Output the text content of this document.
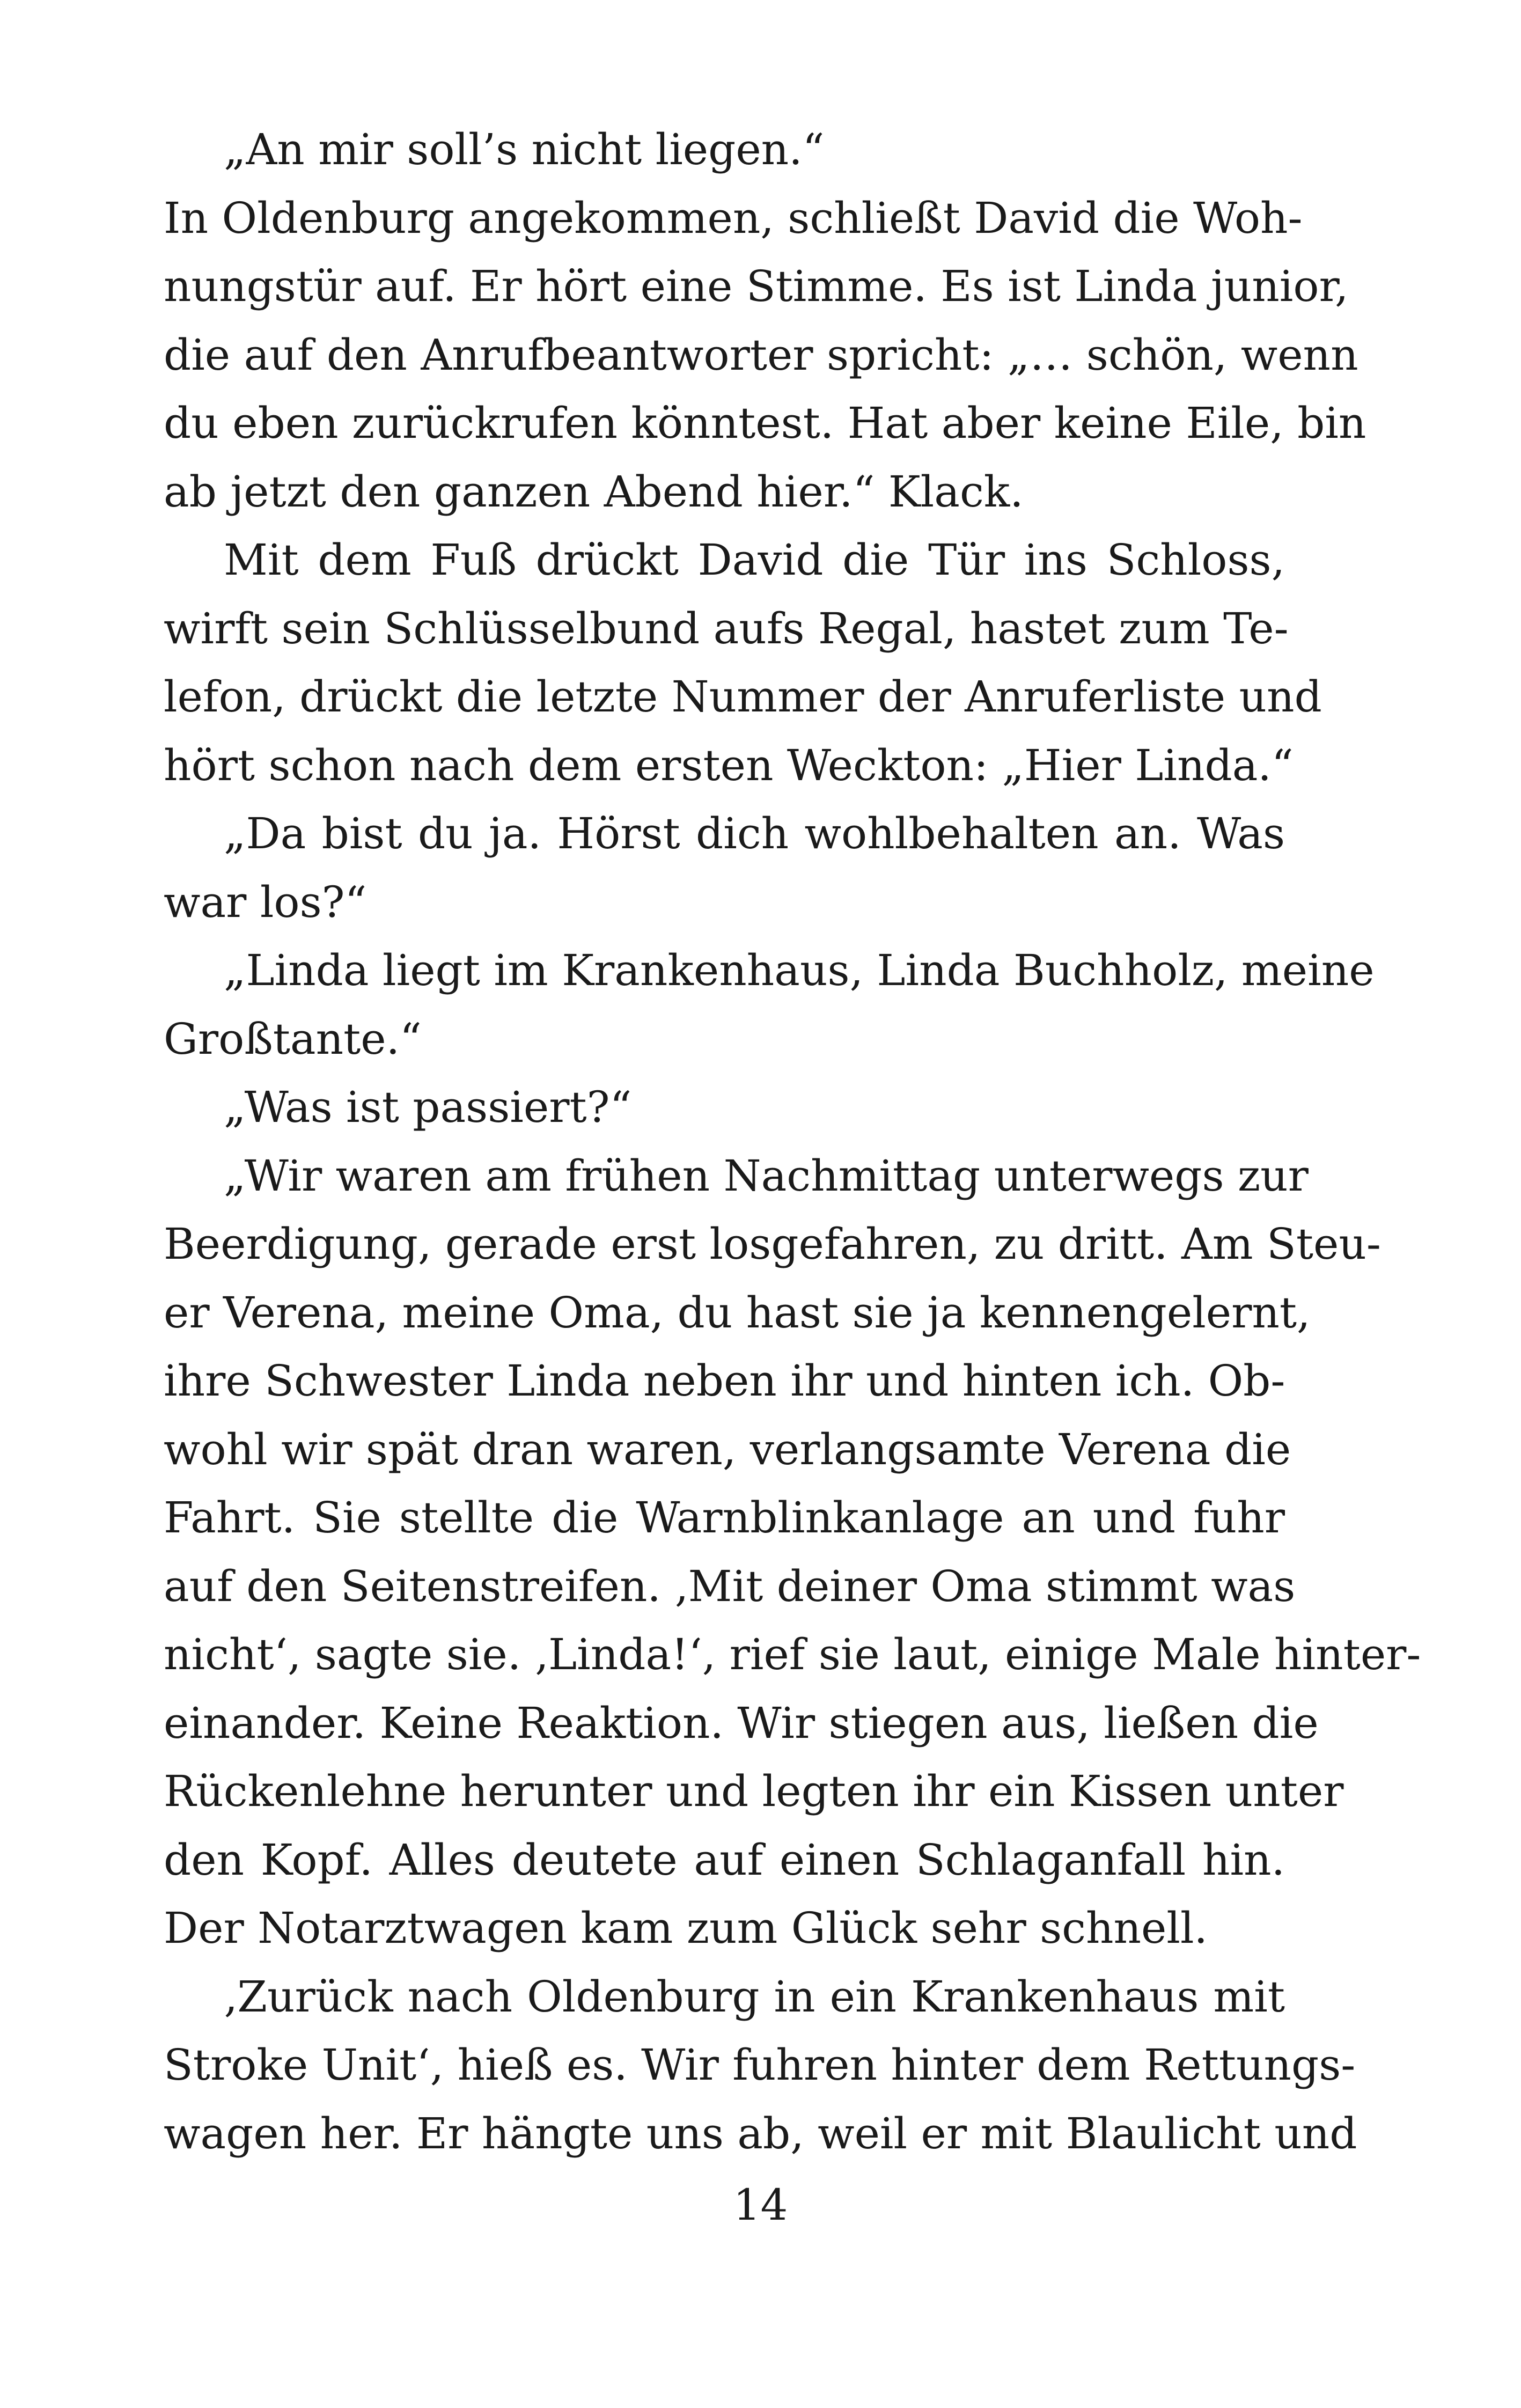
„An mir soll’s nicht liegen.“
In Oldenburg angekommen, schließt David die Woh-
nungstür auf. Er hört eine Stimme. Es ist Linda junior,
die auf den Anrufbeantworter spricht: „… schön, wenn
du eben zurückrufen könntest. Hat aber keine Eile, bin
ab jetzt den ganzen Abend hier.“ Klack.
Mit dem Fuß drückt David die Tür ins Schloss,
wirft sein Schlüsselbund aufs Regal, hastet zum Te-
lefon, drückt die letzte Nummer der Anruferliste und
hört schon nach dem ersten Weckton: „Hier Linda.“
„Da bist du ja. Hörst dich wohlbehalten an. Was
war los?“
„Linda liegt im Krankenhaus, Linda Buchholz, meine
Großtante.“
„Was ist passiert?“
„Wir waren am frühen Nachmittag unterwegs zur
Beerdigung, gerade erst losgefahren, zu dritt. Am Steu-
er Verena, meine Oma, du hast sie ja kennengelernt,
ihre Schwester Linda neben ihr und hinten ich. Ob-
wohl wir spät dran waren, verlangsamte Verena die
Fahrt. Sie stellte die Warnblinkanlage an und fuhr
auf den Seitenstreifen. ‚Mit deiner Oma stimmt was
nicht‘, sagte sie. ‚Linda!‘, rief sie laut, einige Male hinter-
einander. Keine Reaktion. Wir stiegen aus, ließen die
Rückenlehne herunter und legten ihr ein Kissen unter
den Kopf. Alles deutete auf einen Schlaganfall hin.
Der Notarztwagen kam zum Glück sehr schnell.
‚Zurück nach Oldenburg in ein Krankenhaus mit
Stroke Unit‘, hieß es. Wir fuhren hinter dem Rettungs-
wagen her. Er hängte uns ab, weil er mit Blaulicht und
14
